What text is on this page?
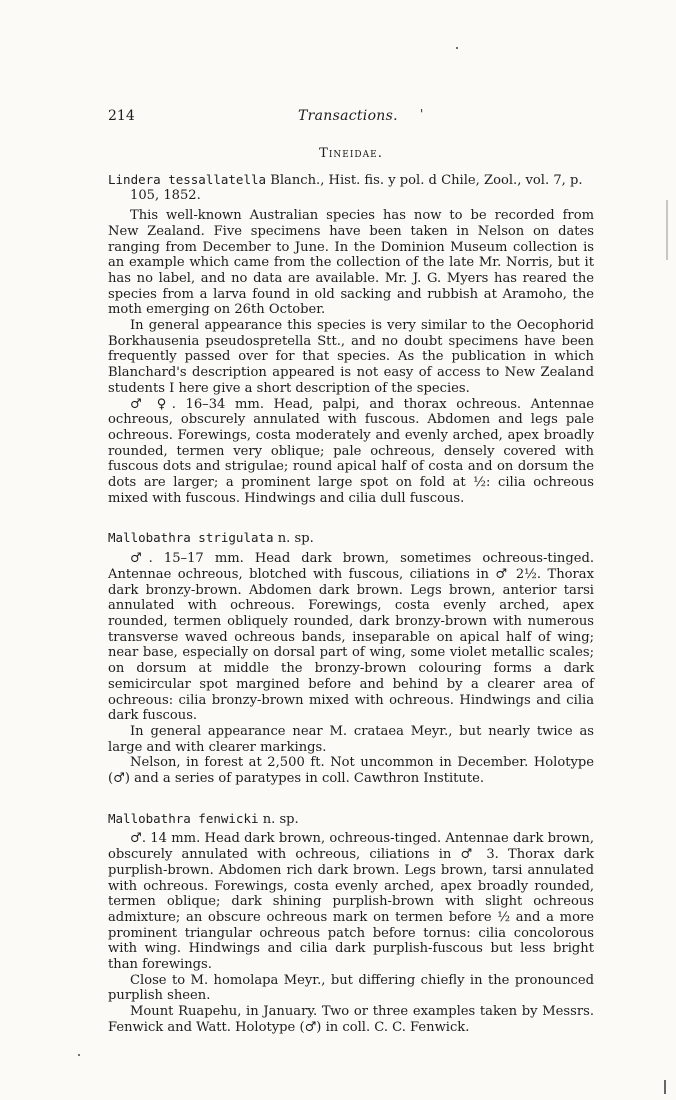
214	Transactions. '
Tineidae.
Lindera tessallatella Blanch., Hist. fis. y pol. d Chile, Zool., vol. 7, p. 105, 1852.

This well-known Australian species has now to be recorded from New Zealand. Five specimens have been taken in Nelson on dates ranging from December to June. In the Dominion Museum collection is an example which came from the collection of the late Mr. Norris, but it has no label, and no data are available. Mr. J. G. Myers has reared the species from a larva found in old sacking and rubbish at Aramoho, the moth emerging on 26th October.

In general appearance this species is very similar to the Oecophorid Borkhausenia pseudospretella Stt., and no doubt specimens have been frequently passed over for that species. As the publication in which Blanchard's description appeared is not easy of access to New Zealand students I here give a short description of the species.

♂ ♀. 16–34 mm. Head, palpi, and thorax ochreous. Antennae ochreous, obscurely annulated with fuscous. Abdomen and legs pale ochreous. Forewings, costa moderately and evenly arched, apex broadly rounded, termen very oblique; pale ochreous, densely covered with fuscous dots and strigulae; round apical half of costa and on dorsum the dots are larger; a prominent large spot on fold at ½: cilia ochreous mixed with fuscous. Hindwings and cilia dull fuscous.

Mallobathra strigulata n. sp.

♂. 15–17 mm. Head dark brown, sometimes ochreous-tinged. Antennae ochreous, blotched with fuscous, ciliations in ♂ 2½. Thorax dark bronzy-brown. Abdomen dark brown. Legs brown, anterior tarsi annulated with ochreous. Forewings, costa evenly arched, apex rounded, termen obliquely rounded, dark bronzy-brown with numerous transverse waved ochreous bands, inseparable on apical half of wing; near base, especially on dorsal part of wing, some violet metallic scales; on dorsum at middle the bronzy-brown colouring forms a dark semicircular spot margined before and behind by a clearer area of ochreous: cilia bronzy-brown mixed with ochreous. Hindwings and cilia dark fuscous.

In general appearance near M. crataea Meyr., but nearly twice as large and with clearer markings.

Nelson, in forest at 2,500 ft. Not uncommon in December. Holotype (♂) and a series of paratypes in coll. Cawthron Institute.

Mallobathra fenwicki n. sp.

♂. 14 mm. Head dark brown, ochreous-tinged. Antennae dark brown, obscurely annulated with ochreous, ciliations in ♂ 3. Thorax dark purplish-brown. Abdomen rich dark brown. Legs brown, tarsi annulated with ochreous. Forewings, costa evenly arched, apex broadly rounded, termen oblique; dark shining purplish-brown with slight ochreous admixture; an obscure ochreous mark on termen before ½ and a more prominent triangular ochreous patch before tornus: cilia concolorous with wing. Hindwings and cilia dark purplish-fuscous but less bright than forewings.

Close to M. homolapa Meyr., but differing chiefly in the pronounced purplish sheen.

Mount Ruapehu, in January. Two or three examples taken by Messrs. Fenwick and Watt. Holotype (♂) in coll. C. C. Fenwick.
